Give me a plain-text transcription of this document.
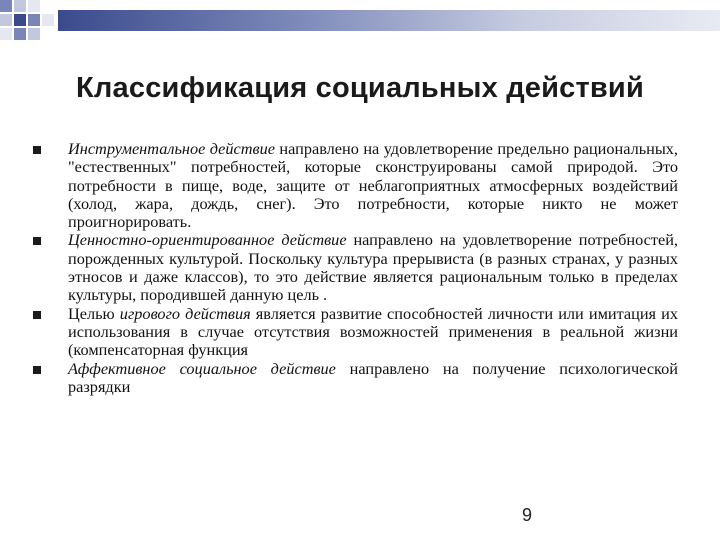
Классификация социальных действий
Инструментальное действие направлено на удовлетворение предельно рациональных, "естественных" потребностей, которые сконструированы самой природой. Это потребности в пище, воде, защите от неблагоприятных атмосферных воздействий (холод, жара, дождь, снег). Это потребности, которые никто не может проигнорировать.
Ценностно-ориентированное действие направлено на удовлетворение потребностей, порожденных культурой. Поскольку культура прерывиста (в разных странах, у разных этносов и даже классов), то это действие является рациональным только в пределах культуры, породившей данную цель .
Целью игрового действия является развитие способностей личности или имитация их использования в случае отсутствия возможностей применения в реальной жизни (компенсаторная функция
Аффективное социальное действие направлено на получение психологической разрядки
9
